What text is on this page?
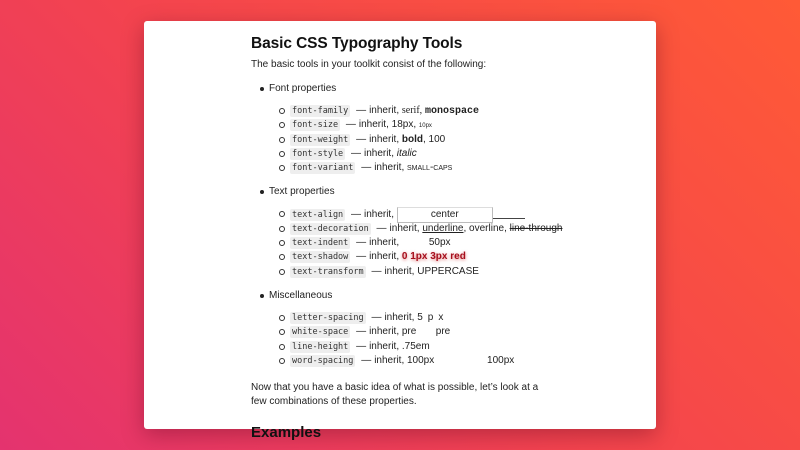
Basic CSS Typography Tools

The basic tools in your toolkit consist of the following:

Font properties
font-family — inherit, serif, monospace
font-size — inherit, 18px, 10px
font-weight — inherit, bold, 100
font-style — inherit, italic
font-variant — inherit, small-caps
Text properties
text-align — inherit,	center
text-decoration — inherit, underline, overline, line-through
text-indent — inherit,	50px
text-shadow — inherit, 0 1px 3px red
text-transform — inherit, UPPERCASE
Miscellaneous
letter-spacing — inherit, 5px
white-space — inherit, pre       pre
line-height — inherit, .75em
word-spacing — inherit, 100px 100px

Now that you have a basic idea of what is possible, let’s look at a few combinations of these properties.

Examples
